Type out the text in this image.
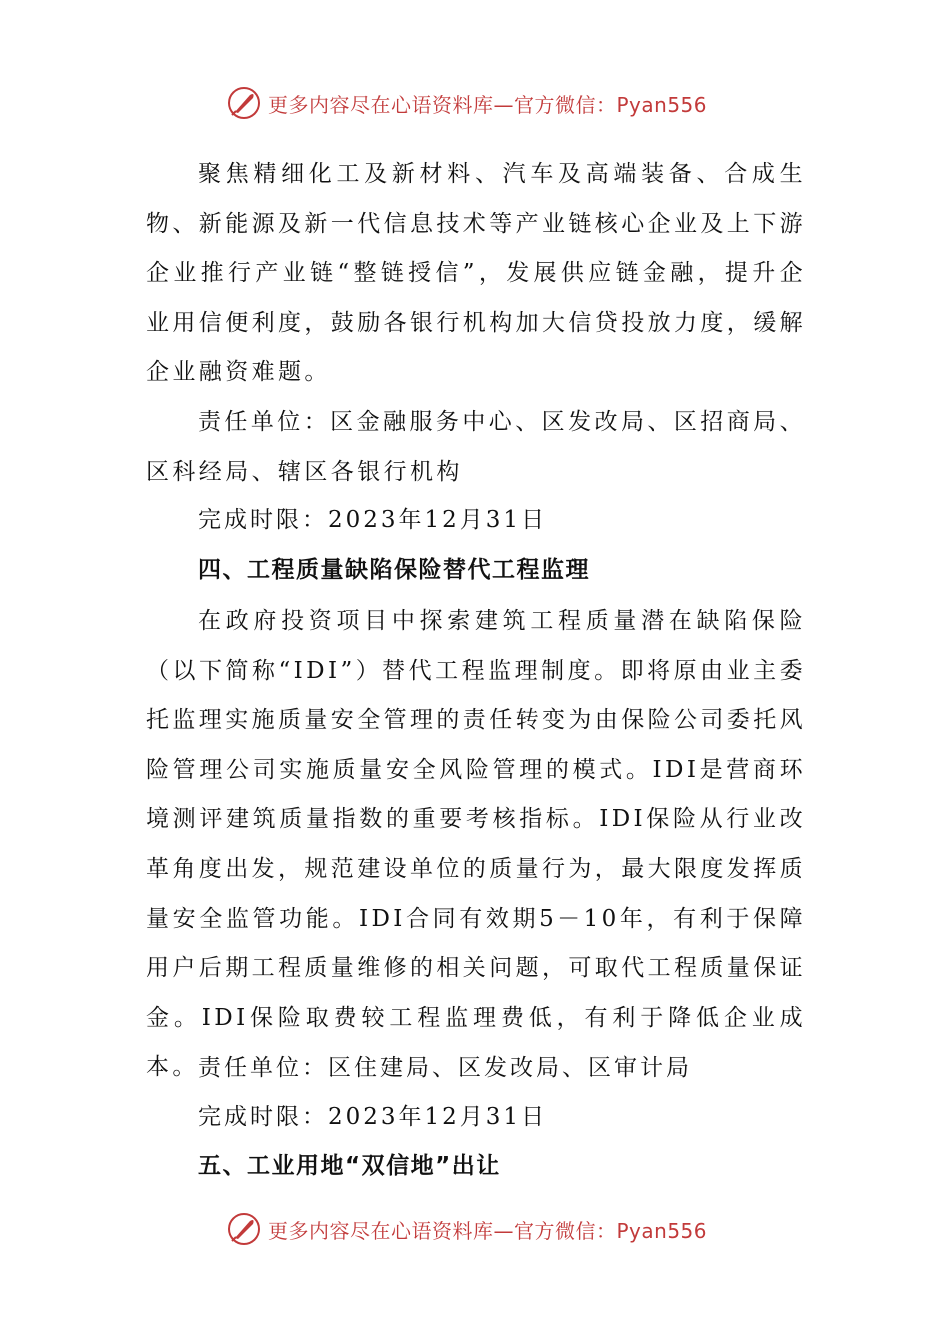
更多内容尽在心语资料库—官方微信：Pyan556

聚焦精细化工及新材料、汽车及高端装备、合成生物、新能源及新一代信息技术等产业链核心企业及上下游企业推行产业链“整链授信”，发展供应链金融，提升企业用信便利度，鼓励各银行机构加大信贷投放力度，缓解企业融资难题。

责任单位：区金融服务中心、区发改局、区招商局、区科经局、辖区各银行机构

完成时限：2023年12月31日
四、工程质量缺陷保险替代工程监理

在政府投资项目中探索建筑工程质量潜在缺陷保险（以下简称“IDI”）替代工程监理制度。即将原由业主委托监理实施质量安全管理的责任转变为由保险公司委托风险管理公司实施质量安全风险管理的模式。IDI是营商环境测评建筑质量指数的重要考核指标。IDI保险从行业改革角度出发，规范建设单位的质量行为，最大限度发挥质量安全监管功能。IDI合同有效期5－10年，有利于保障用户后期工程质量维修的相关问题，可取代工程质量保证金。IDI保险取费较工程监理费低，有利于降低企业成本。 责任单位：区住建局、区发改局、区审计局
完成时限：2023年12月31日
五、工业用地“双信地”出让
更多内容尽在心语资料库—官方微信：Pyan556
